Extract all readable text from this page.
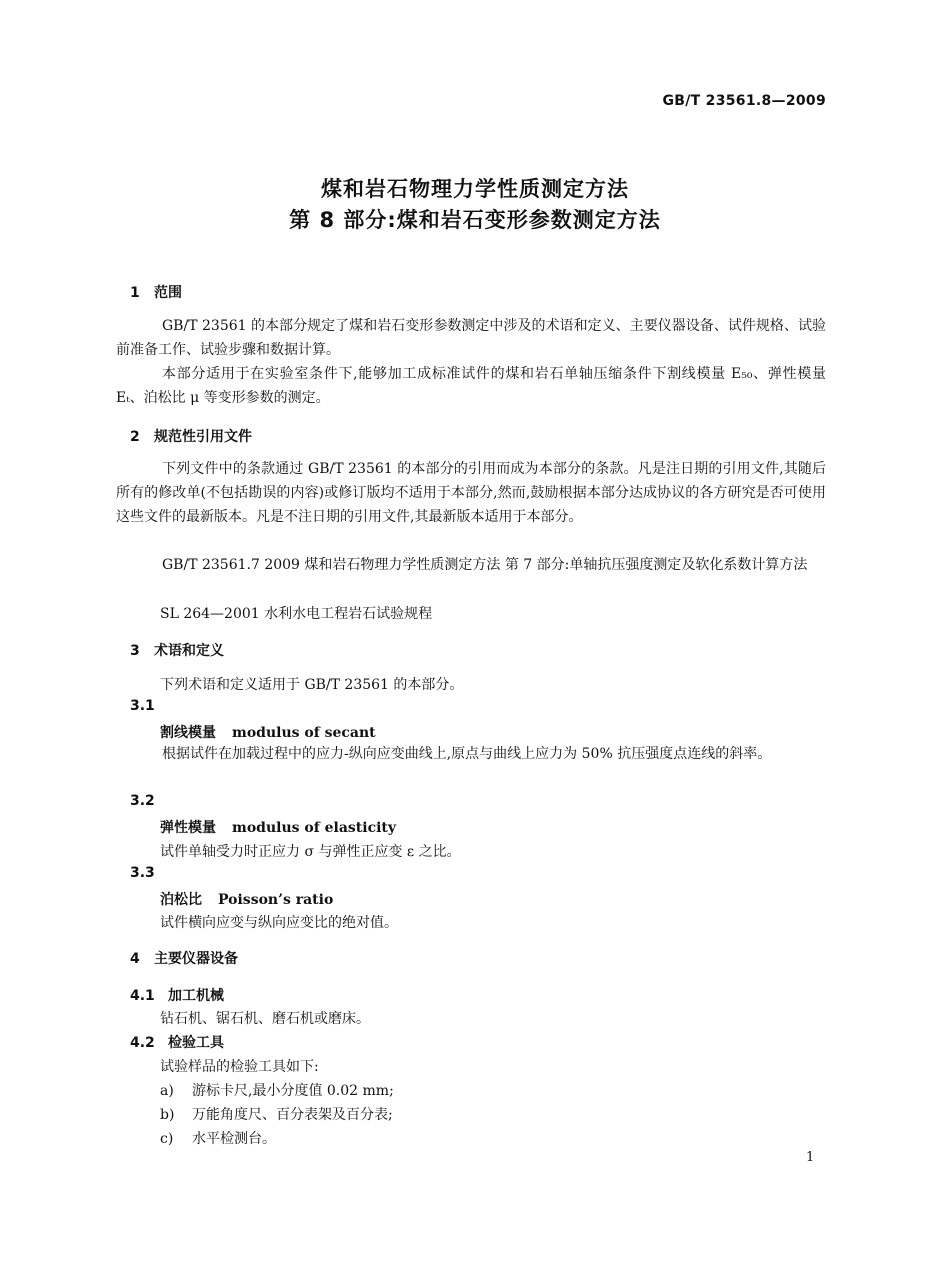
GB/T 23561.8—2009
煤和岩石物理力学性质测定方法
第 8 部分:煤和岩石变形参数测定方法
1 范围
GB/T 23561 的本部分规定了煤和岩石变形参数测定中涉及的术语和定义、主要仪器设备、试件规格、试验前准备工作、试验步骤和数据计算。
本部分适用于在实验室条件下,能够加工成标准试件的煤和岩石单轴压缩条件下割线模量 E₅₀、弹性模量 Eₜ、泊松比 μ 等变形参数的测定。
2 规范性引用文件
下列文件中的条款通过 GB/T 23561 的本部分的引用而成为本部分的条款。凡是注日期的引用文件,其随后所有的修改单(不包括勘误的内容)或修订版均不适用于本部分,然而,鼓励根据本部分达成协议的各方研究是否可使用这些文件的最新版本。凡是不注日期的引用文件,其最新版本适用于本部分。
GB/T 23561.7 2009 煤和岩石物理力学性质测定方法 第 7 部分:单轴抗压强度测定及软化系数计算方法
SL 264—2001 水利水电工程岩石试验规程
3 术语和定义
下列术语和定义适用于 GB/T 23561 的本部分。
3.1
割线模量 modulus of secant
根据试件在加载过程中的应力-纵向应变曲线上,原点与曲线上应力为 50% 抗压强度点连线的斜率。
3.2
弹性模量 modulus of elasticity
试件单轴受力时正应力 σ 与弹性正应变 ε 之比。
3.3
泊松比 Poisson’s ratio
试件横向应变与纵向应变比的绝对值。
4 主要仪器设备
4.1 加工机械
钻石机、锯石机、磨石机或磨床。
4.2 检验工具
试验样品的检验工具如下:
a) 游标卡尺,最小分度值 0.02 mm;
b) 万能角度尺、百分表架及百分表;
c) 水平检测台。
1
